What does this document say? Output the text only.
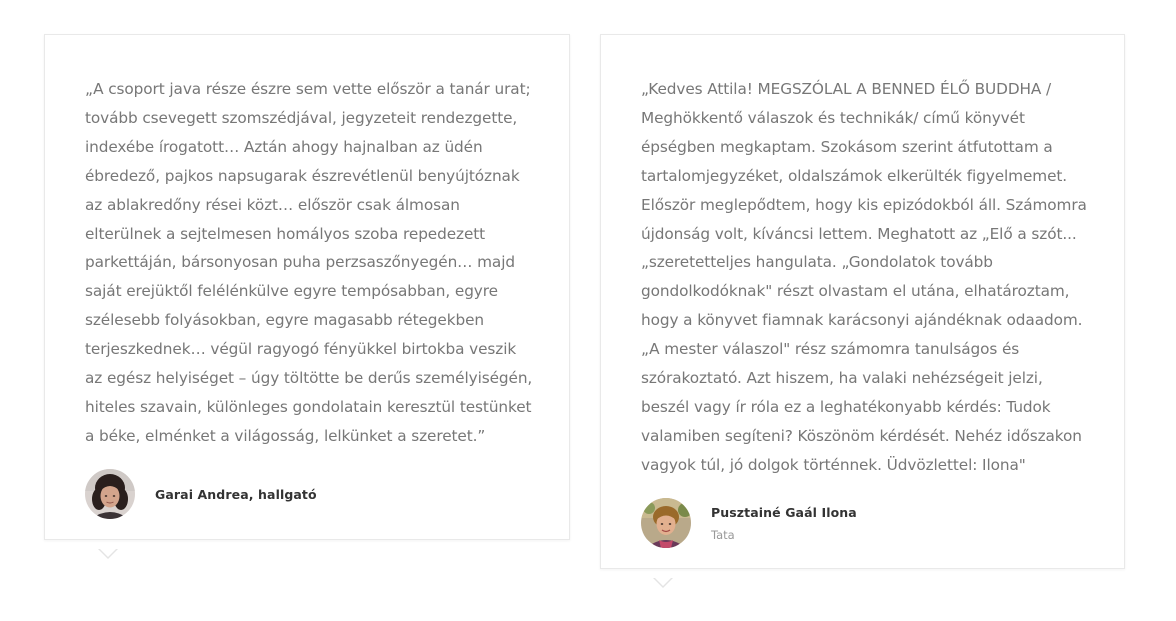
„A csoport java része észre sem vette először a tanár urat; tovább csevegett szomszédjával, jegyzeteit rendezgette, indexébe írogatott… Aztán ahogy hajnalban az üdén ébredező, pajkos napsugarak észrevétlenül benyújtóznak az ablakredőny rései közt… először csak álmosan elterülnek a sejtelmesen homályos szoba repedezett parkettáján, bársonyosan puha perzsaszőnyegén… majd saját erejüktől felélénkülve egyre tempósabban, egyre szélesebb folyásokban, egyre magasabb rétegekben terjeszkednek… végül ragyogó fényükkel birtokba veszik az egész helyiséget – úgy töltötte be derűs személyiségén, hiteles szavain, különleges gondolatain keresztül testünket a béke, elménket a világosság, lelkünket a szeretet.”

Garai Andrea, hallgató

„Kedves Attila! MEGSZÓLAL A BENNED ÉLŐ BUDDHA / Meghökkentő válaszok és technikák/ című könyvét épségben megkaptam. Szokásom szerint átfutottam a tartalomjegyzéket, oldalszámok elkerülték figyelmemet. Először meglepődtem, hogy kis epizódokból áll. Számomra újdonság volt, kíváncsi lettem. Meghatott az „Elő a szót... „szeretetteljes hangulata. „Gondolatok tovább gondolkodóknak" részt olvastam el utána, elhatároztam, hogy a könyvet fiamnak karácsonyi ajándéknak odaadom. „A mester válaszol" rész számomra tanulságos és szórakoztató. Azt hiszem, ha valaki nehézségeit jelzi, beszél vagy ír róla ez a leghatékonyabb kérdés: Tudok valamiben segíteni? Köszönöm kérdését. Nehéz időszakon vagyok túl, jó dolgok történnek. Üdvözlettel: Ilona"

Pusztainé Gaál Ilona
Tata
